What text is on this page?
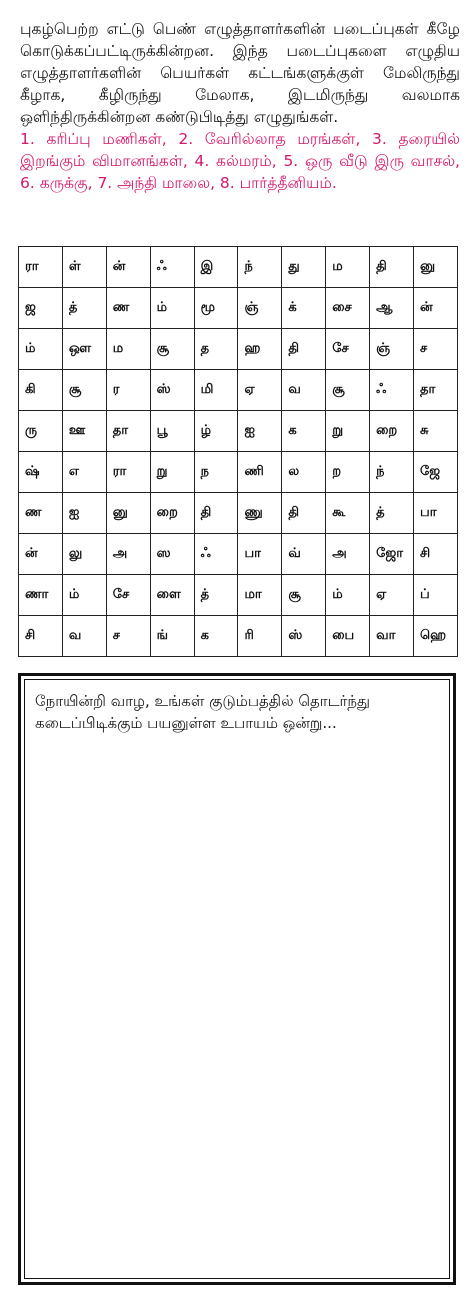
புகழ்பெற்ற எட்டு பெண் எழுத்தாளர்களின் படைப்புகள் கீழே கொடுக்கப்பட்டிருக்கின்றன. இந்த படைப்புகளை எழுதிய எழுத்தாளர்களின் பெயர்கள் கட்டங்களுக்குள் மேலிருந்து கீழாக, கீழிருந்து மேலாக, இடமிருந்து வலமாக ஒளிந்திருக்கின்றன கண்டுபிடித்து எழுதுங்கள்.
1. கரிப்பு மணிகள், 2. வேரில்லாத மரங்கள், 3. தரையில் இறங்கும் விமானங்கள், 4. கல்மரம், 5. ஒரு வீடு இரு வாசல், 6. கருக்கு, 7. அந்தி மாலை, 8. பார்த்தீனியம்.
ரா	ள்	ன்	ஃ	இ	ந்	து	ம	தி	னு
ஜ	த்	ண	ம்	மூ	ஞ்	க்	சை	ஆ	ன்
ம்	ஔ	ம	சூ	த	ஹ	தி	சே	ஞ்	ச
கி	சூ	ர	ஸ்	மி	ஏ	வ	சூ	ஃ	தா
ரு	ஊ	தா	பூ	ழ்	ஐ	க	று	றை	சு
ஷ்	எ	ரா	று	ந	ணி	ல	ற	ந்	ஜே
ண	ஐ	னு	றை	தி	ணு	தி	கூ	த்	பா
ன்	லு	அ	ஸ	ஃ	பா	வ்	அ	ஜோ	சி
ணா	ம்	சே	ளை	த்	மா	சூ	ம்	ஏ	ப்
சி	வ	ச	ங்	க	ரி	ஸ்	பை	வா	ஹெ
நோயின்றி வாழ, உங்கள் குடும்பத்தில் தொடர்ந்து கடைப்பிடிக்கும் பயனுள்ள உபாயம் ஒன்று...
